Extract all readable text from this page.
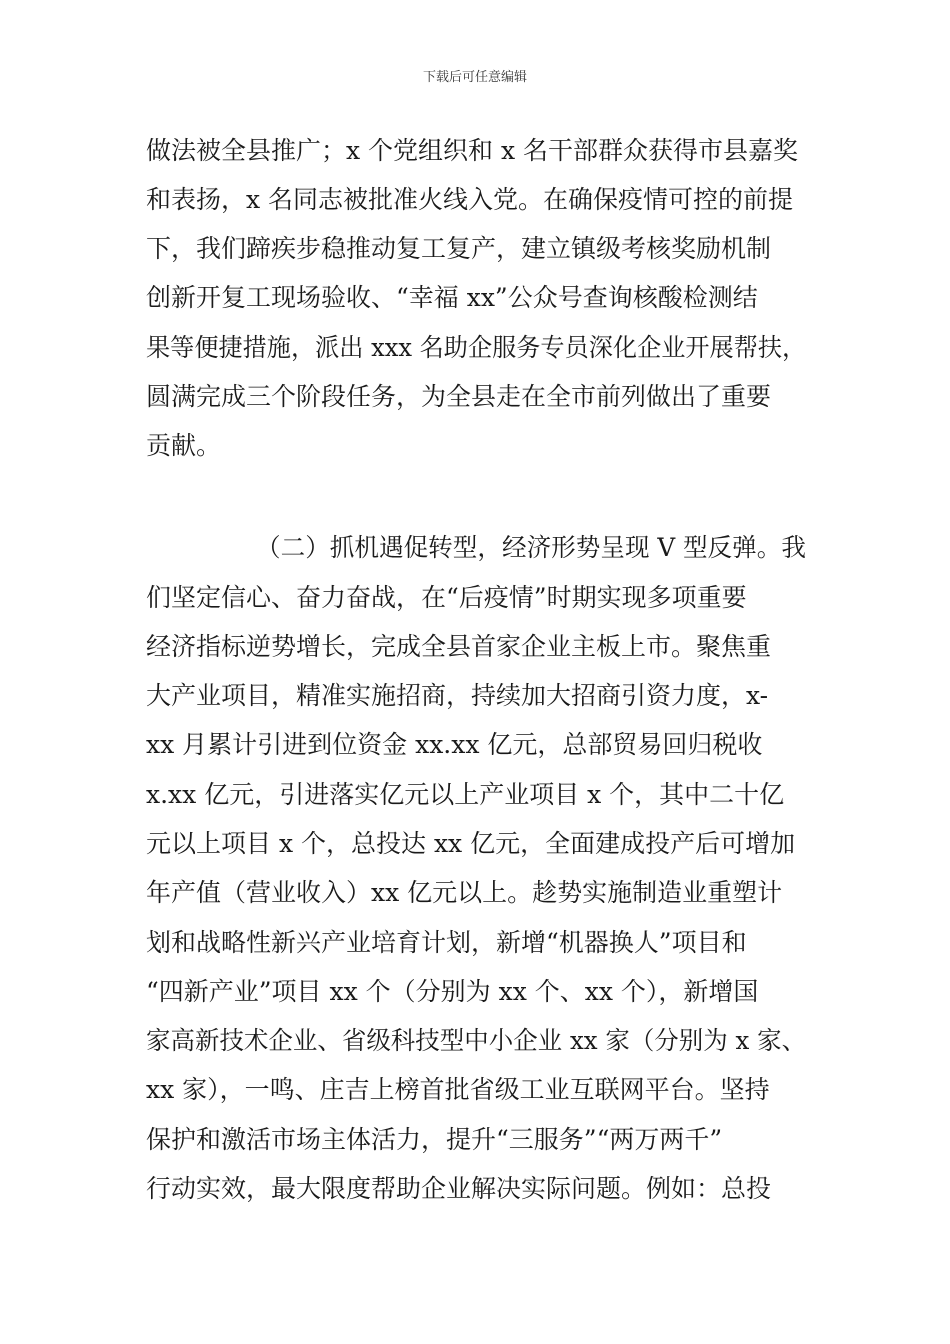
下载后可任意编辑

做法被全县推广；x 个党组织和 x 名干部群众获得市县嘉奖

和表扬，x 名同志被批准火线入党。在确保疫情可控的前提

下，我们蹄疾步稳推动复工复产，建立镇级考核奖励机制

创新开复工现场验收、“幸福 xx”公众号查询核酸检测结

果等便捷措施，派出 xxx 名助企服务专员深化企业开展帮扶，

圆满完成三个阶段任务，为全县走在全市前列做出了重要

贡献。

（二）抓机遇促转型，经济形势呈现 V 型反弹。我

们坚定信心、奋力奋战，在“后疫情”时期实现多项重要

经济指标逆势增长，完成全县首家企业主板上市。聚焦重

大产业项目，精准实施招商，持续加大招商引资力度，x-

xx 月累计引进到位资金 xx.xx 亿元，总部贸易回归税收

x.xx 亿元，引进落实亿元以上产业项目 x 个，其中二十亿

元以上项目 x 个，总投达 xx 亿元，全面建成投产后可增加

年产值（营业收入）xx 亿元以上。趁势实施制造业重塑计

划和战略性新兴产业培育计划，新增“机器换人”项目和

“四新产业”项目 xx 个（分别为 xx 个、xx 个），新增国

家高新技术企业、省级科技型中小企业 xx 家（分别为 x 家、

xx 家），一鸣、庄吉上榜首批省级工业互联网平台。坚持

保护和激活市场主体活力，提升“三服务”“两万两千”

行动实效，最大限度帮助企业解决实际问题。例如：总投
